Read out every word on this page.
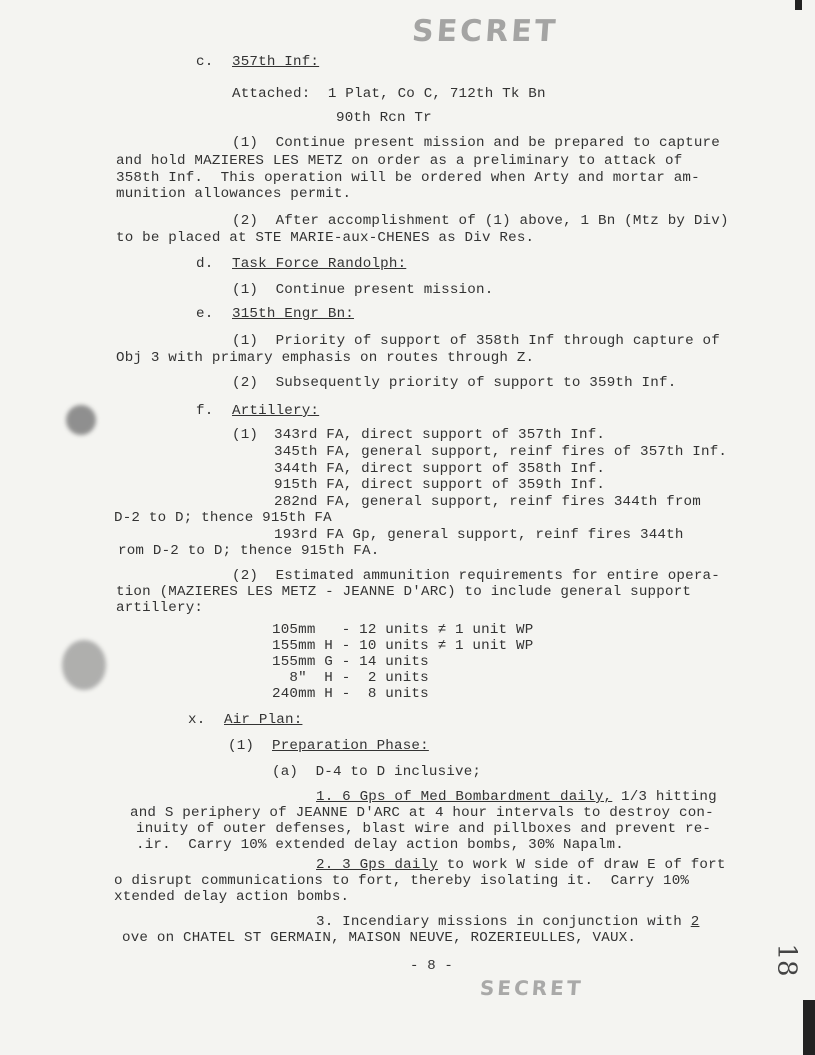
SECRET
c. 357th Inf:
Attached:  1 Plat, Co C, 712th Tk Bn
90th Rcn Tr
(1)  Continue present mission and be prepared to capture
and hold MAZIERES LES METZ on order as a preliminary to attack of
358th Inf.  This operation will be ordered when Arty and mortar am-
munition allowances permit.
(2)  After accomplishment of (1) above, 1 Bn (Mtz by Div)
to be placed at STE MARIE-aux-CHENES as Div Res.
d. Task Force Randolph:
(1)  Continue present mission.
e. 315th Engr Bn:
(1)  Priority of support of 358th Inf through capture of
Obj 3 with primary emphasis on routes through Z.
(2)  Subsequently priority of support to 359th Inf.
f. Artillery:
(1) 343rd FA, direct support of 357th Inf.
345th FA, general support, reinf fires of 357th Inf.
344th FA, direct support of 358th Inf.
915th FA, direct support of 359th Inf.
282nd FA, general support, reinf fires 344th from
D-2 to D; thence 915th FA
193rd FA Gp, general support, reinf fires 344th
rom D-2 to D; thence 915th FA.
(2)  Estimated ammunition requirements for entire opera-
tion (MAZIERES LES METZ - JEANNE D'ARC) to include general support
artillery:
105mm   - 12 units ≠ 1 unit WP
155mm H - 10 units ≠ 1 unit WP
155mm G - 14 units
8"  H -  2 units
240mm H -  8 units
x. Air Plan:
(1) Preparation Phase:
(a)  D-4 to D inclusive;
1. 6 Gps of Med Bombardment daily, 1/3 hitting
and S periphery of JEANNE D'ARC at 4 hour intervals to destroy con-
inuity of outer defenses, blast wire and pillboxes and prevent re-
.ir.  Carry 10% extended delay action bombs, 30% Napalm.
2. 3 Gps daily to work W side of draw E of fort
o disrupt communications to fort, thereby isolating it.  Carry 10%
xtended delay action bombs.
3. Incendiary missions in conjunction with 2
ove on CHATEL ST GERMAIN, MAISON NEUVE, ROZERIEULLES, VAUX.
- 8 -
SECRET
18
